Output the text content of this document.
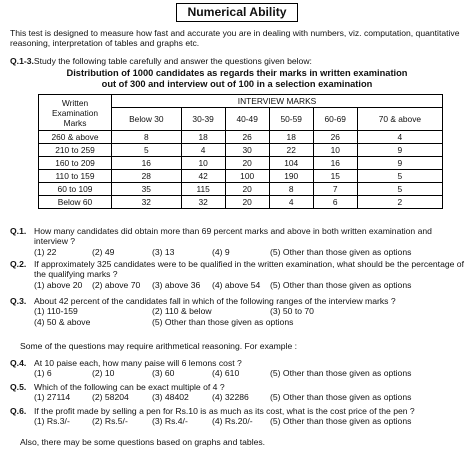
Numerical Ability
This test is designed to measure how fast and accurate you are in dealing with numbers, viz. computation, quantitative reasoning, interpretation of tables and graphs etc.
Q.1-3.Study the following table carefully and answer the questions given below:
Distribution of 1000 candidates as regards their marks in written examination
out of 300 and interview out of 100 in a selection examination
Written
Examination
Marks	INTERVIEW MARKS					
	Below 30	30-39	40-49	50-59	60-69	70 & above
260 & above	8	18	26	18	26	4
210 to 259	5	4	30	22	10	9
160 to 209	16	10	20	104	16	9
110 to 159	28	42	100	190	15	5
60 to 109	35	115	20	8	7	5
Below 60	32	32	20	4	6	2
Q.1. How many candidates did obtain more than 69 percent marks and above in both written examination and interview ?
(1) 22	(2) 49	(3) 13	(4) 9	(5) Other than those given as options
Q.2. If approximately 325 candidates were to be qualified in the written examination, what should be the percentage of the qualifying marks ?
(1) above 20 (2) above 70 (3) above 36 (4) above 54 (5) Other than those given as options
Q.3. About 42 percent of the candidates fall in which of the following ranges of the interview marks ?
(1) 110-159	(2) 110 & below	(3) 50 to 70
(4) 50 & above	(5) Other than those given as options
Some of the questions may require arithmetical reasoning. For example :
Q.4. At 10 paise each, how many paise will 6 lemons cost ?
(1) 6	(2) 10	(3) 60	(4) 610	(5) Other than those given as options
Q.5. Which of the following can be exact multiple of 4 ?
(1) 27114	(2) 58204	(3) 48402	(4) 32286 (5) Other than those given as options
Q.6. If the profit made by selling a pen for Rs.10 is as much as its cost, what is the cost price of the pen ?
(1) Rs.3/-	(2) Rs.5/-	(3) Rs.4/-	(4) Rs.20/- (5) Other than those given as options
Also, there may be some questions based on graphs and tables.
